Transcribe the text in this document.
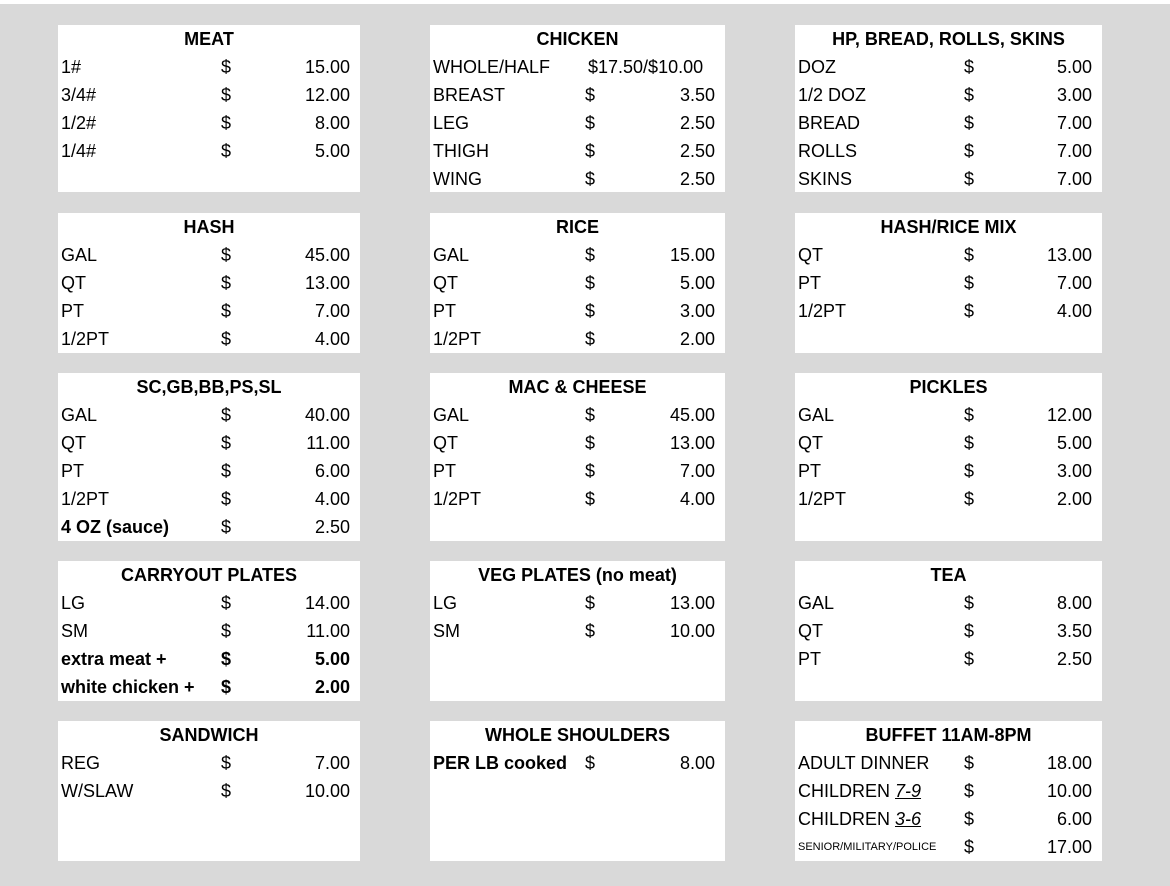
MEAT
1#	$	15.00
3/4#	$	12.00
1/2#	$	8.00
1/4#	$	5.00
CHICKEN
WHOLE/HALF $17.50/$10.00
BREAST	$	3.50
LEG	$	2.50
THIGH	$	2.50
WING	$	2.50
HP, BREAD, ROLLS, SKINS
DOZ	$	5.00
1/2 DOZ	$	3.00
BREAD	$	7.00
ROLLS	$	7.00
SKINS	$	7.00
HASH
GAL	$	45.00
QT	$	13.00
PT	$	7.00
1/2PT	$	4.00
RICE
GAL	$	15.00
QT	$	5.00
PT	$	3.00
1/2PT	$	2.00
HASH/RICE MIX
QT	$	13.00
PT	$	7.00
1/2PT	$	4.00
SC,GB,BB,PS,SL
GAL	$	40.00
QT	$	11.00
PT	$	6.00
1/2PT	$	4.00
4 OZ (sauce)	$	2.50
MAC & CHEESE
GAL	$	45.00
QT	$	13.00
PT	$	7.00
1/2PT	$	4.00
PICKLES
GAL	$	12.00
QT	$	5.00
PT	$	3.00
1/2PT	$	2.00
CARRYOUT PLATES
LG	$	14.00
SM	$	11.00
extra meat +	$	5.00
white chicken + $	2.00
VEG PLATES (no meat)
LG	$	13.00
SM	$	10.00
TEA
GAL	$	8.00
QT	$	3.50
PT	$	2.50
SANDWICH
REG	$	7.00
W/SLAW	$	10.00
WHOLE SHOULDERS
PER LB cooked $	8.00
BUFFET 11AM-8PM
ADULT DINNER $	18.00
CHILDREN 7-9 $	10.00
CHILDREN 3-6 $	6.00
SENIOR/MILITARY/POLICE $	17.00
